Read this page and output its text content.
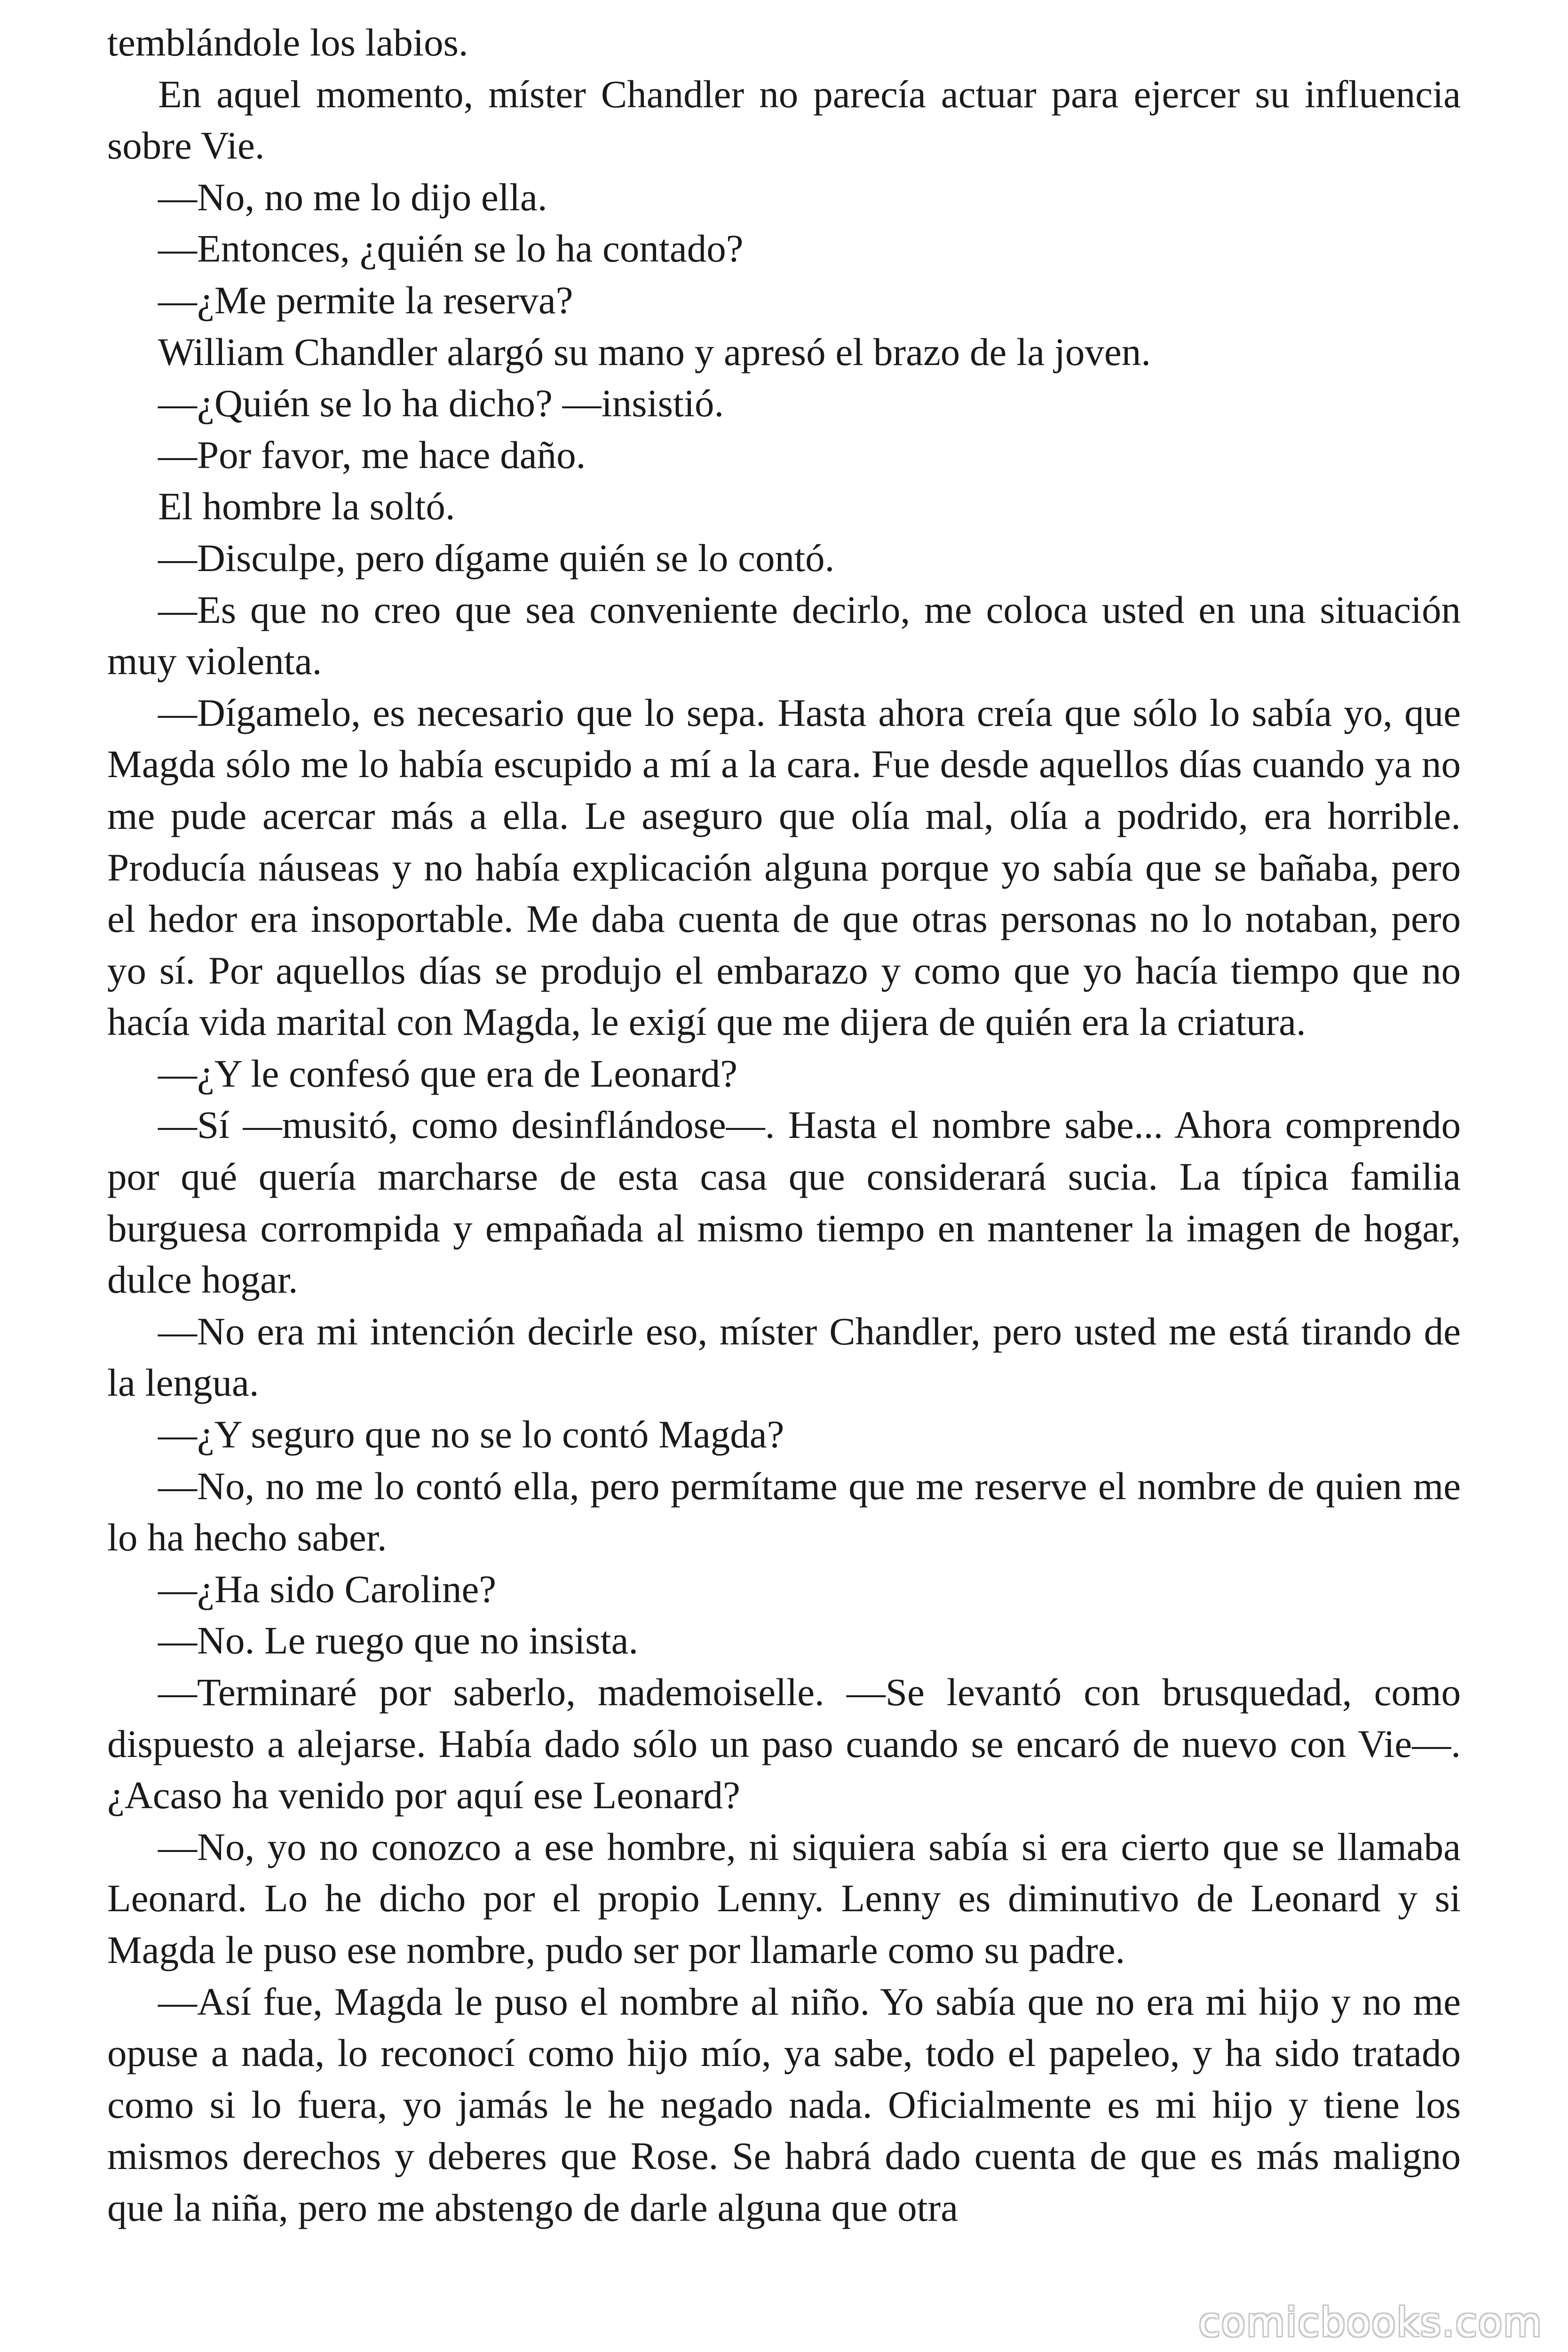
temblándole los labios.

En aquel momento, míster Chandler no parecía actuar para ejercer su influencia sobre Vie.

—No, no me lo dijo ella.

—Entonces, ¿quién se lo ha contado?

—¿Me permite la reserva?

William Chandler alargó su mano y apresó el brazo de la joven.

—¿Quién se lo ha dicho? —insistió.

—Por favor, me hace daño.

El hombre la soltó.

—Disculpe, pero dígame quién se lo contó.

—Es que no creo que sea conveniente decirlo, me coloca usted en una situación muy violenta.

—Dígamelo, es necesario que lo sepa. Hasta ahora creía que sólo lo sabía yo, que Magda sólo me lo había escupido a mí a la cara. Fue desde aquellos días cuando ya no me pude acercar más a ella. Le aseguro que olía mal, olía a podrido, era horrible. Producía náuseas y no había explicación alguna porque yo sabía que se bañaba, pero el hedor era insoportable. Me daba cuenta de que otras personas no lo notaban, pero yo sí. Por aquellos días se produjo el embarazo y como que yo hacía tiempo que no hacía vida marital con Magda, le exigí que me dijera de quién era la criatura.

—¿Y le confesó que era de Leonard?

—Sí —musitó, como desinflándose—. Hasta el nombre sabe... Ahora comprendo por qué quería marcharse de esta casa que considerará sucia. La típica familia burguesa corrompida y empañada al mismo tiempo en mantener la imagen de hogar, dulce hogar.

—No era mi intención decirle eso, míster Chandler, pero usted me está tirando de la lengua.

—¿Y seguro que no se lo contó Magda?

—No, no me lo contó ella, pero permítame que me reserve el nombre de quien me lo ha hecho saber.

—¿Ha sido Caroline?

—No. Le ruego que no insista.

—Terminaré por saberlo, mademoiselle. —Se levantó con brusquedad, como dispuesto a alejarse. Había dado sólo un paso cuando se encaró de nuevo con Vie—. ¿Acaso ha venido por aquí ese Leonard?

—No, yo no conozco a ese hombre, ni siquiera sabía si era cierto que se llamaba Leonard. Lo he dicho por el propio Lenny. Lenny es diminutivo de Leonard y si Magda le puso ese nombre, pudo ser por llamarle como su padre.

—Así fue, Magda le puso el nombre al niño. Yo sabía que no era mi hijo y no me opuse a nada, lo reconocí como hijo mío, ya sabe, todo el papeleo, y ha sido tratado como si lo fuera, yo jamás le he negado nada. Oficialmente es mi hijo y tiene los mismos derechos y deberes que Rose. Se habrá dado cuenta de que es más maligno que la niña, pero me abstengo de darle alguna que otra

comicbooks.com
